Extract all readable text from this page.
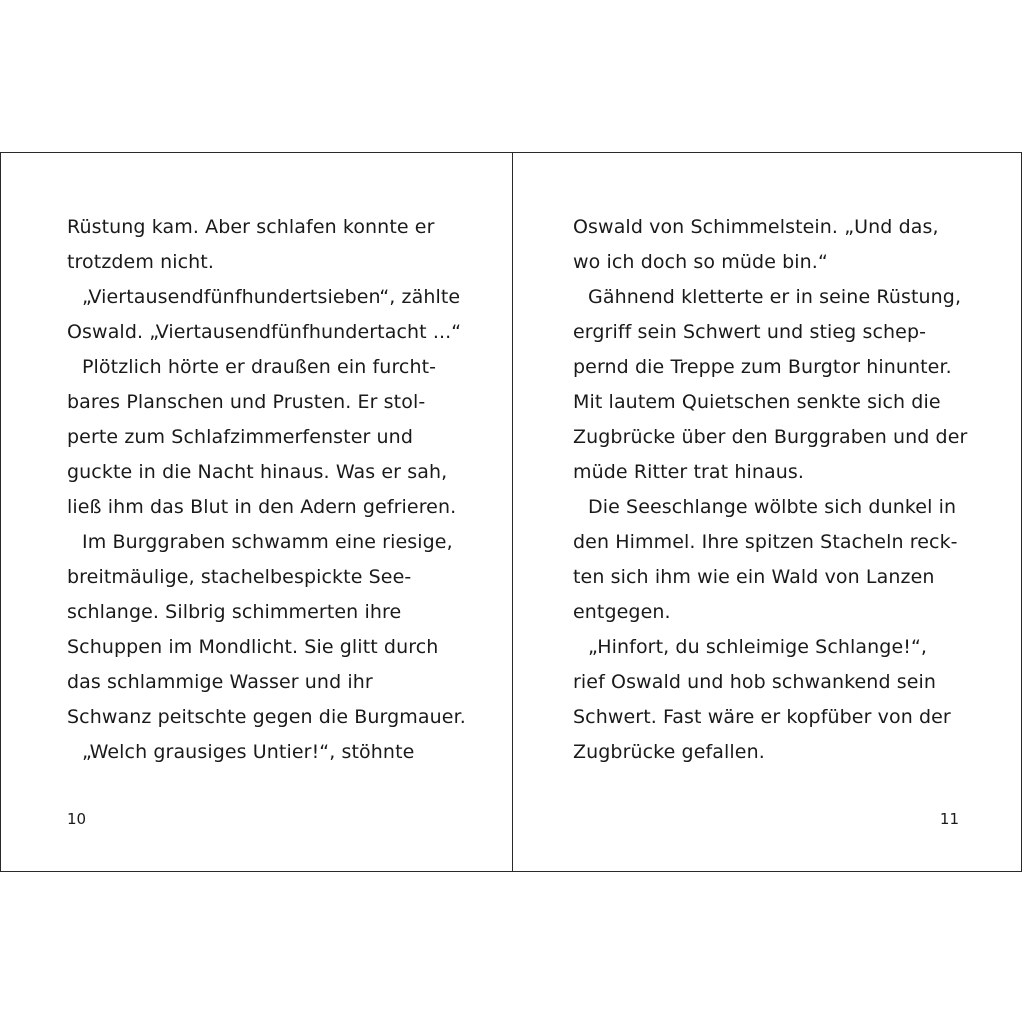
Rüstung kam. Aber schlafen konnte er
trotzdem nicht.
„Viertausendfünfhundertsieben“, zählte
Oswald. „Viertausendfünfhundertacht ...“
Plötzlich hörte er draußen ein furcht-
bares Planschen und Prusten. Er stol-
perte zum Schlafzimmerfenster und
guckte in die Nacht hinaus. Was er sah,
ließ ihm das Blut in den Adern gefrieren.
Im Burggraben schwamm eine riesige,
breitmäulige, stachelbespickte See-
schlange. Silbrig schimmerten ihre
Schuppen im Mondlicht. Sie glitt durch
das schlammige Wasser und ihr
Schwanz peitschte gegen die Burgmauer.
„Welch grausiges Untier!“, stöhnte
10
Oswald von Schimmelstein. „Und das,
wo ich doch so müde bin.“
Gähnend kletterte er in seine Rüstung,
ergriff sein Schwert und stieg schep-
pernd die Treppe zum Burgtor hinunter.
Mit lautem Quietschen senkte sich die
Zugbrücke über den Burggraben und der
müde Ritter trat hinaus.
Die Seeschlange wölbte sich dunkel in
den Himmel. Ihre spitzen Stacheln reck-
ten sich ihm wie ein Wald von Lanzen
entgegen.
„Hinfort, du schleimige Schlange!“,
rief Oswald und hob schwankend sein
Schwert. Fast wäre er kopfüber von der
Zugbrücke gefallen.
11
